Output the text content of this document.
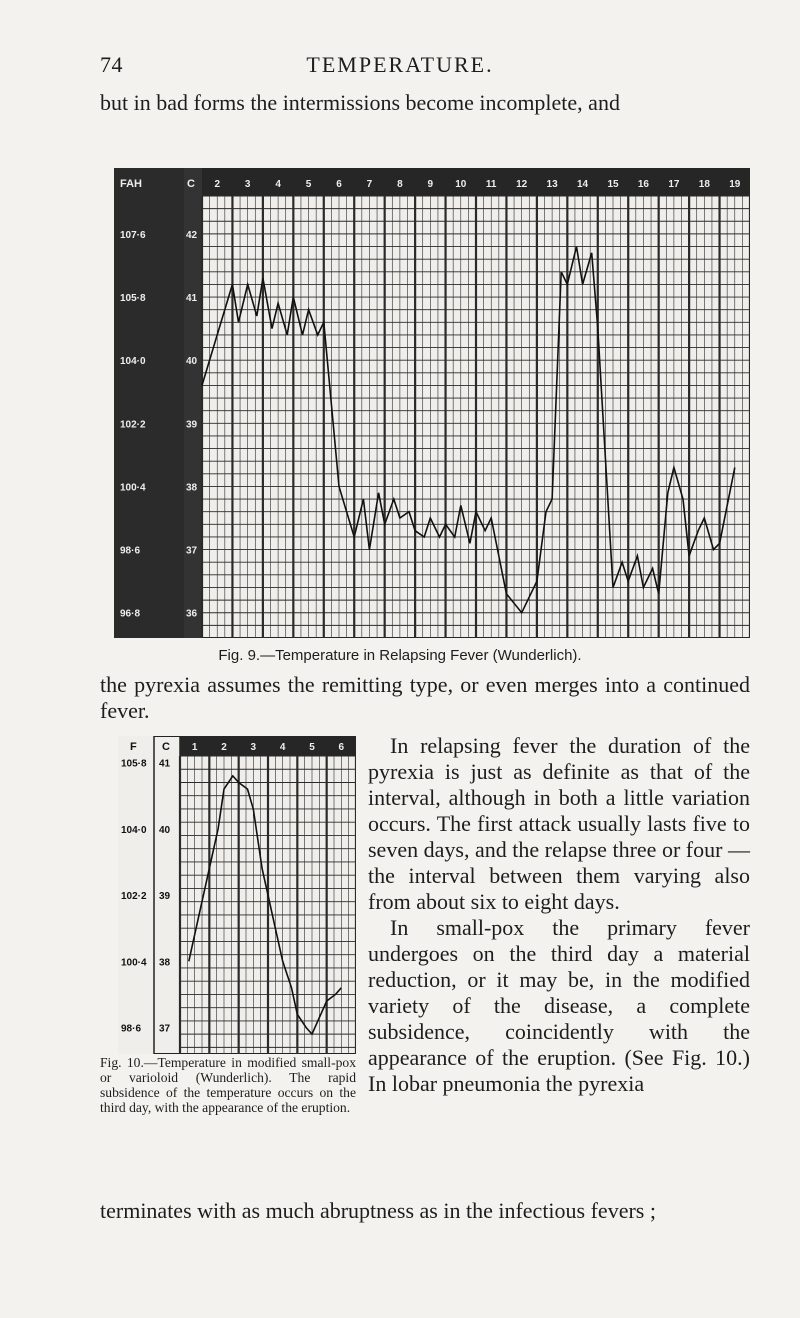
74	TEMPERATURE.
but in bad forms the intermissions become incomplete, and
2 3 4 5 6 7 8 9 10 11 12 13 14 15 16 17 18 19
42
107·6
41
105·8
40
104·0
39
102·2
38
100·4
37
98·6
36
96·8
FAH	C
Fig. 9.—Temperature in Relapsing Fever (Wunderlich).
the pyrexia assumes the remitting type, or even merges into a continued fever.
1 2 3 4 5 6
41
105·8
40
104·0
39
102·2
38
100·4
37
98·6
F C
Fig. 10.—Temperature in modified small-pox or varioloid (Wunderlich). The rapid subsidence of the temperature occurs on the third day, with the appearance of the eruption.

In relapsing fever the duration of the pyrexia is just as definite as that of the interval, although in both a little variation occurs. The first attack usually lasts five to seven days, and the relapse three or four —the interval between them varying also from about six to eight days.

In small-pox the primary fever undergoes on the third day a material reduction, or it may be, in the modified variety of the disease, a complete subsidence, coincidently with the appearance of the eruption. (See Fig. 10.) In lobar pneumonia the pyrexia

terminates with as much abruptness as in the infectious fevers ;
